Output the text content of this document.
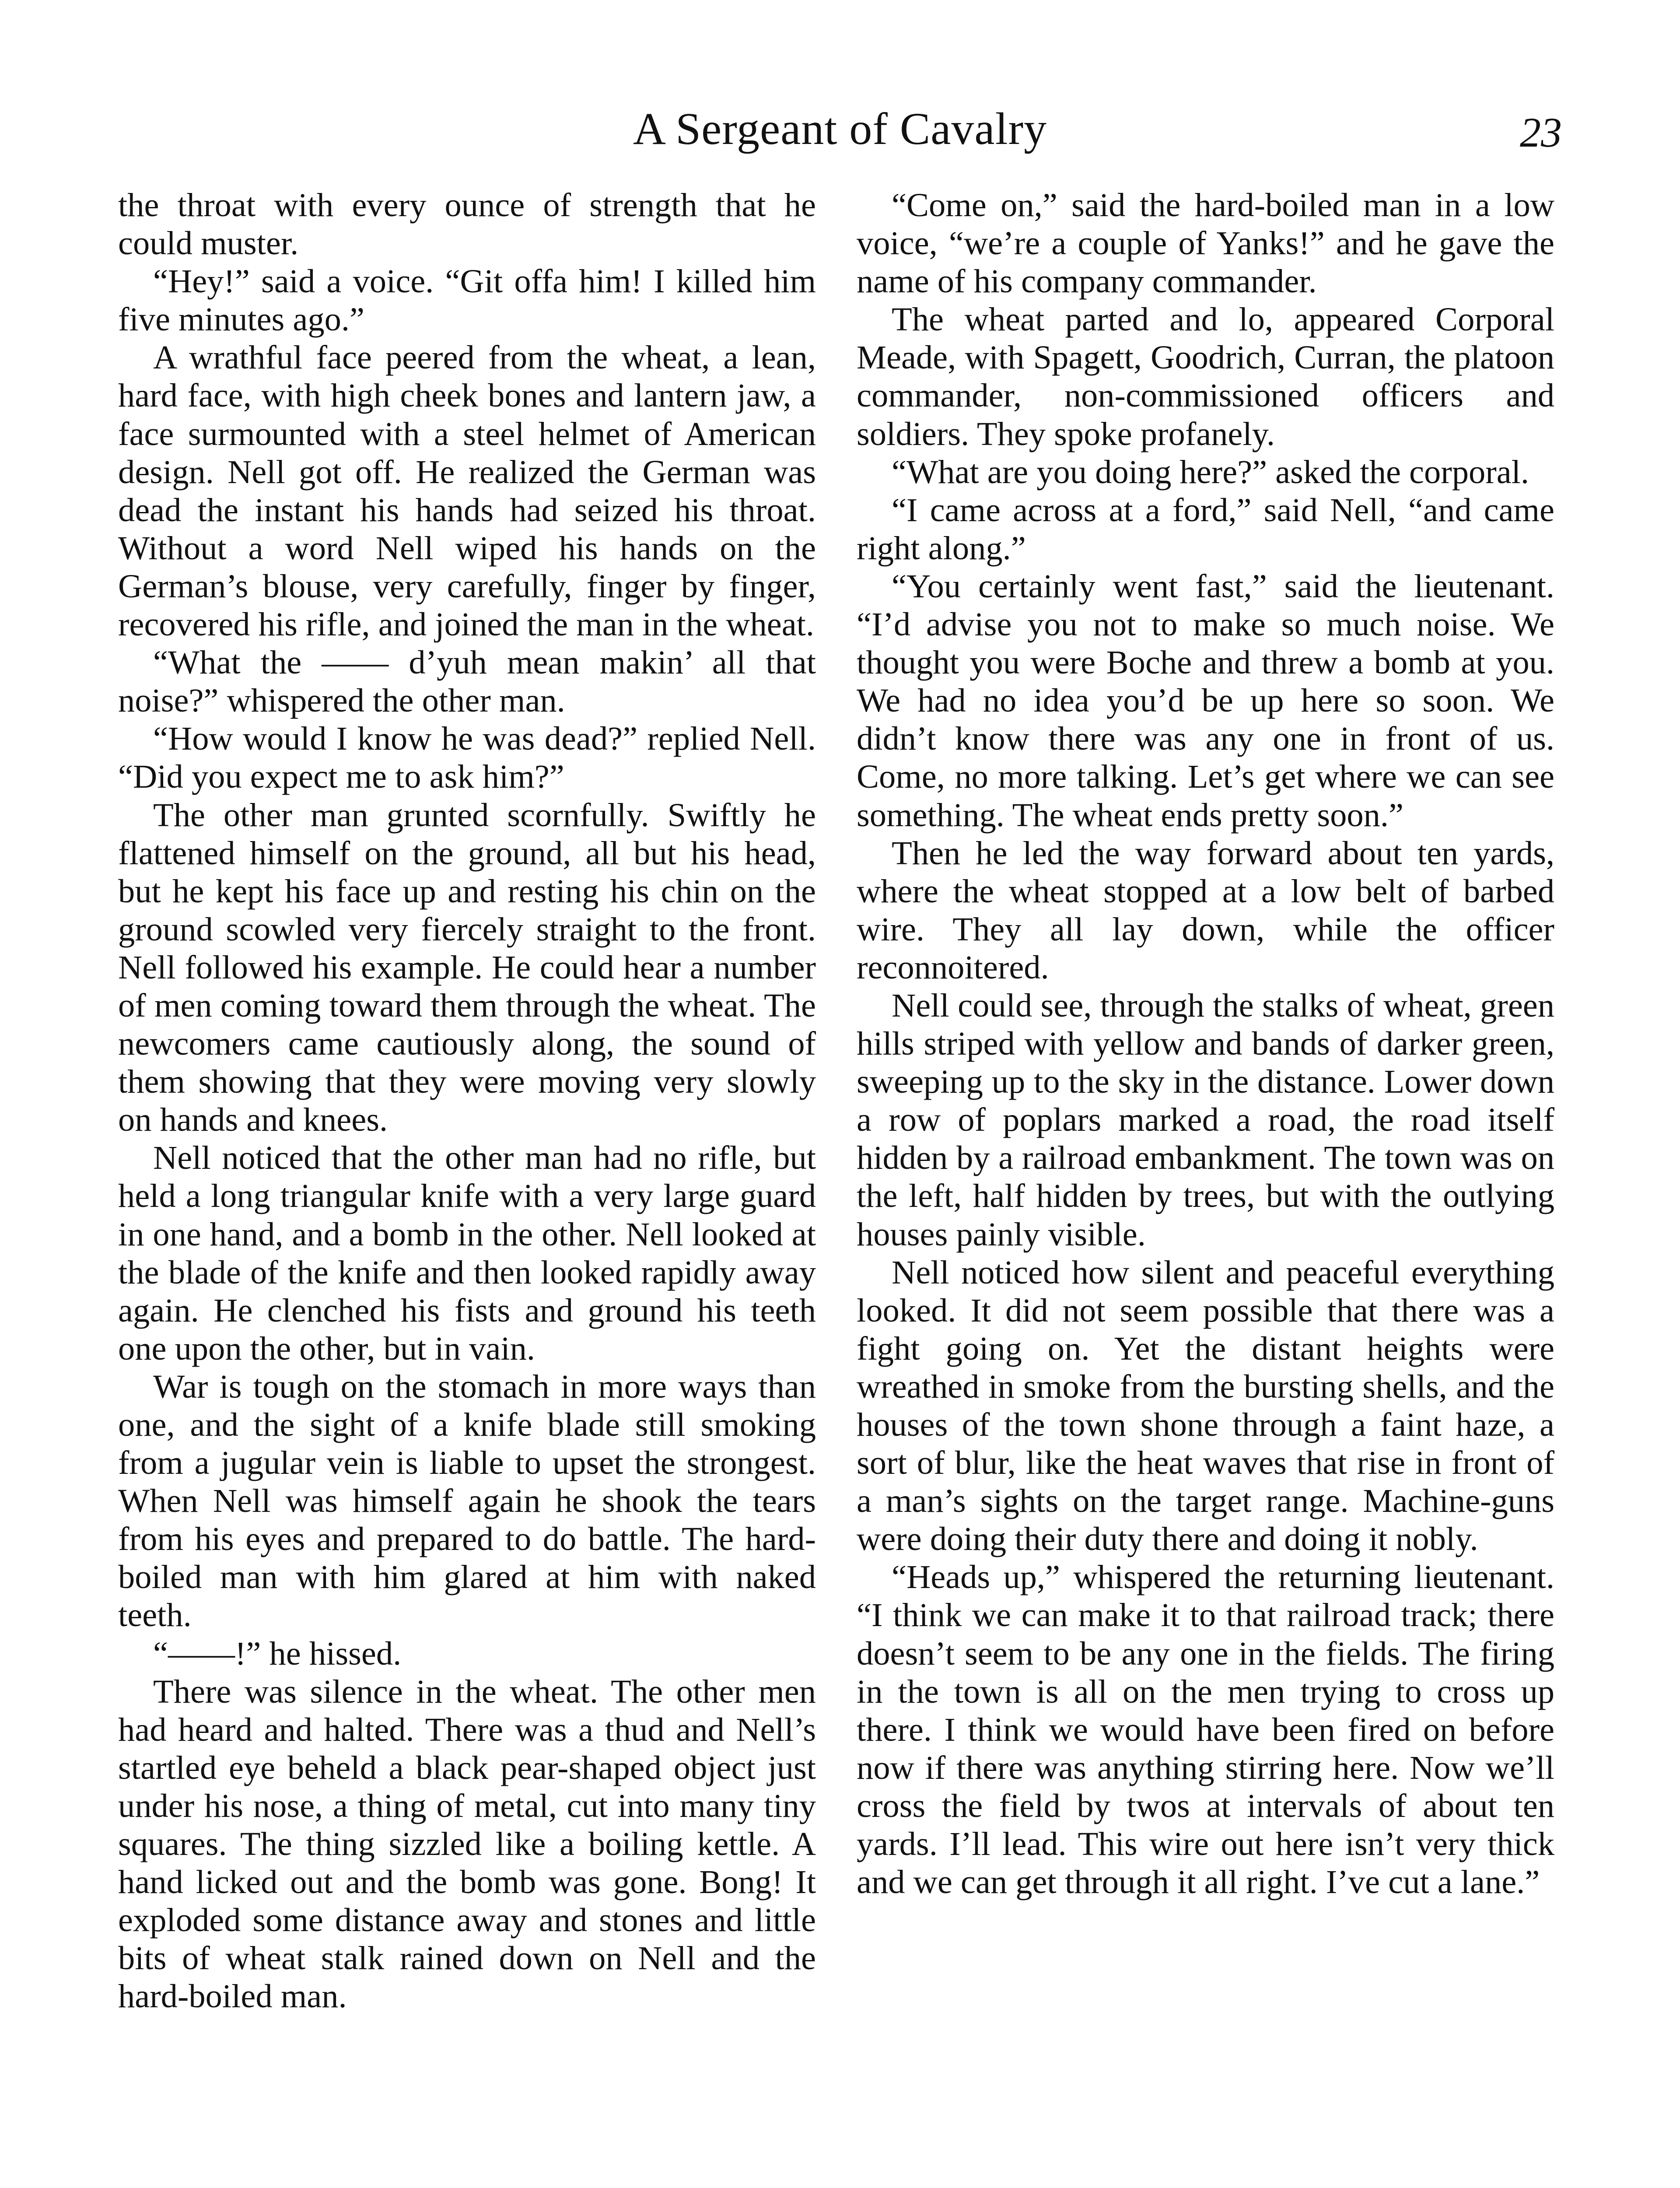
A Sergeant of Cavalry	23

the throat with every ounce of strength that he could muster.

“Hey!” said a voice. “Git offa him! I killed him five minutes ago.”

A wrathful face peered from the wheat, a lean, hard face, with high cheek bones and lantern jaw, a face surmounted with a steel helmet of American design. Nell got off. He realized the German was dead the instant his hands had seized his throat. Without a word Nell wiped his hands on the German’s blouse, very carefully, finger by finger, recovered his rifle, and joined the man in the wheat.

“What the —— d’yuh mean makin’ all that noise?” whispered the other man.

“How would I know he was dead?” replied Nell. “Did you expect me to ask him?”

The other man grunted scornfully. Swiftly he flattened himself on the ground, all but his head, but he kept his face up and resting his chin on the ground scowled very fiercely straight to the front. Nell followed his example. He could hear a number of men coming toward them through the wheat. The newcomers came cautiously along, the sound of them showing that they were moving very slowly on hands and knees.

Nell noticed that the other man had no rifle, but held a long triangular knife with a very large guard in one hand, and a bomb in the other. Nell looked at the blade of the knife and then looked rapidly away again. He clenched his fists and ground his teeth one upon the other, but in vain.

War is tough on the stomach in more ways than one, and the sight of a knife blade still smoking from a jugular vein is liable to upset the strongest. When Nell was himself again he shook the tears from his eyes and prepared to do battle. The hard-boiled man with him glared at him with naked teeth.

“——!” he hissed.

There was silence in the wheat. The other men had heard and halted. There was a thud and Nell’s startled eye beheld a black pear-shaped object just under his nose, a thing of metal, cut into many tiny squares. The thing sizzled like a boiling kettle. A hand licked out and the bomb was gone. Bong! It exploded some distance away and stones and little bits of wheat stalk rained down on Nell and the hard-boiled man.

“Come on,” said the hard-boiled man in a low voice, “we’re a couple of Yanks!” and he gave the name of his company commander.

The wheat parted and lo, appeared Corporal Meade, with Spagett, Goodrich, Curran, the platoon commander, non-commissioned officers and soldiers. They spoke profanely.

“What are you doing here?” asked the corporal.

“I came across at a ford,” said Nell, “and came right along.”

“You certainly went fast,” said the lieutenant. “I’d advise you not to make so much noise. We thought you were Boche and threw a bomb at you. We had no idea you’d be up here so soon. We didn’t know there was any one in front of us. Come, no more talking. Let’s get where we can see something. The wheat ends pretty soon.”

Then he led the way forward about ten yards, where the wheat stopped at a low belt of barbed wire. They all lay down, while the officer reconnoitered.

Nell could see, through the stalks of wheat, green hills striped with yellow and bands of darker green, sweeping up to the sky in the distance. Lower down a row of poplars marked a road, the road itself hidden by a railroad embankment. The town was on the left, half hidden by trees, but with the outlying houses painly visible.

Nell noticed how silent and peaceful everything looked. It did not seem possible that there was a fight going on. Yet the distant heights were wreathed in smoke from the bursting shells, and the houses of the town shone through a faint haze, a sort of blur, like the heat waves that rise in front of a man’s sights on the target range. Machine-guns were doing their duty there and doing it nobly.

“Heads up,” whispered the returning lieutenant. “I think we can make it to that railroad track; there doesn’t seem to be any one in the fields. The firing in the town is all on the men trying to cross up there. I think we would have been fired on before now if there was anything stirring here. Now we’ll cross the field by twos at intervals of about ten yards. I’ll lead. This wire out here isn’t very thick and we can get through it all right. I’ve cut a lane.”
